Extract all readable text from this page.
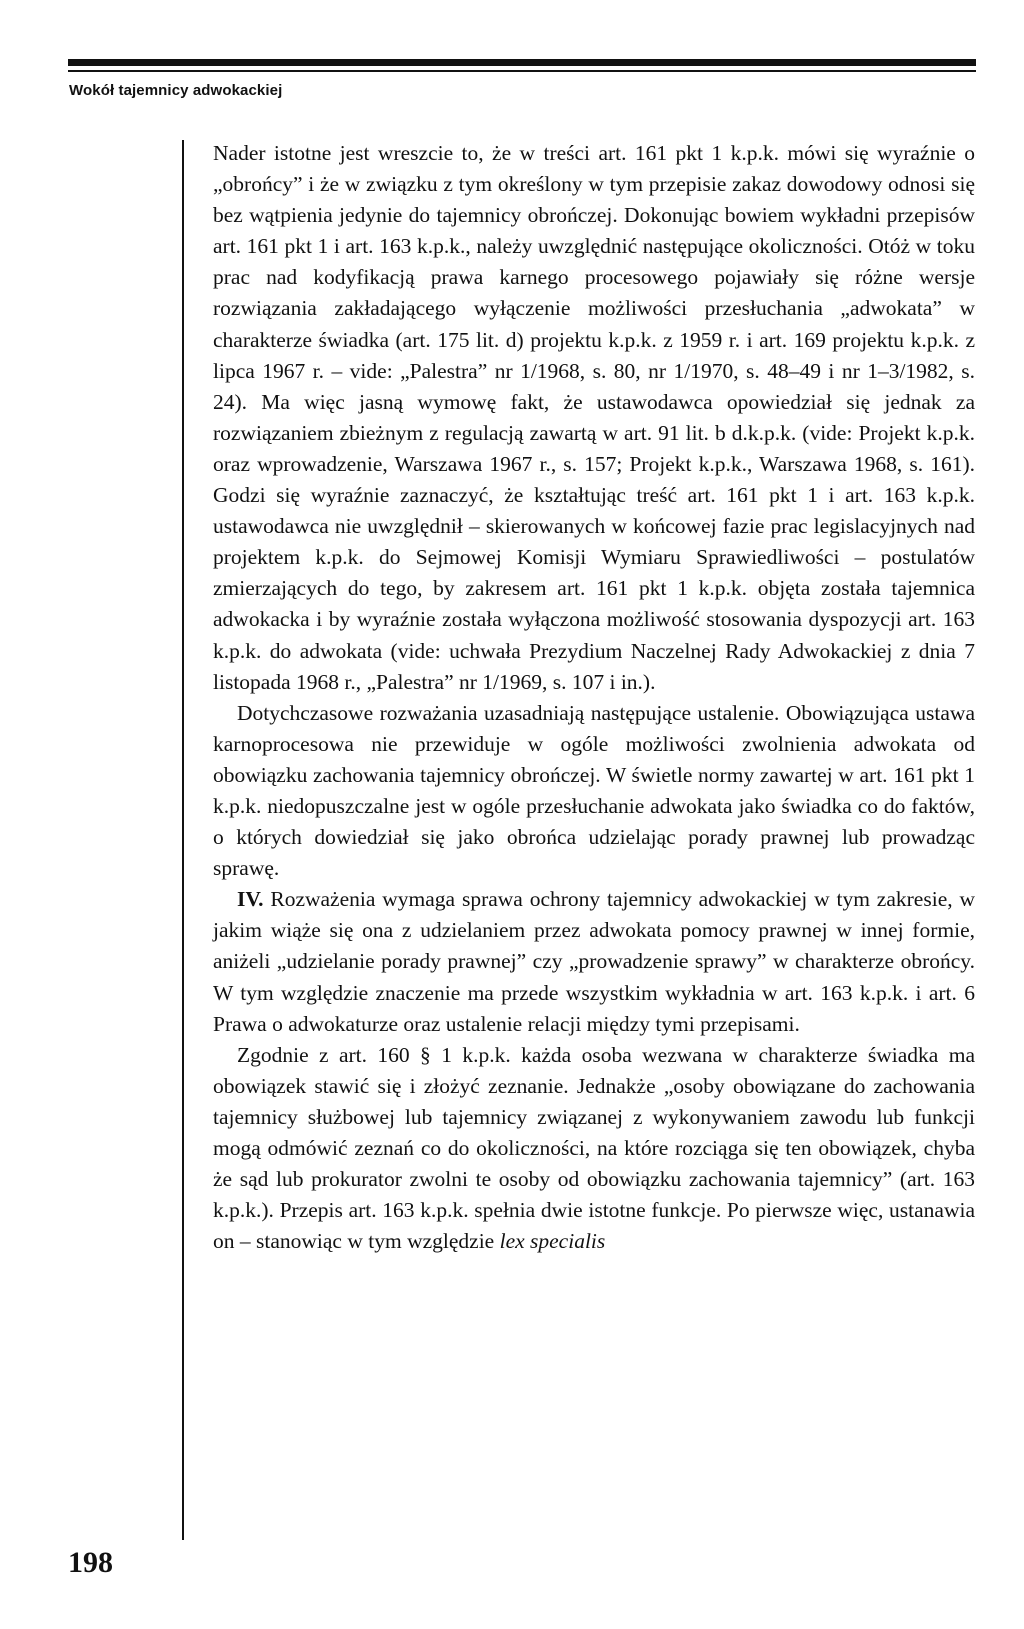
Wokół tajemnicy adwokackiej

Nader istotne jest wreszcie to, że w treści art. 161 pkt 1 k.p.k. mówi się wyraźnie o „obrońcy” i że w związku z tym określony w tym przepisie zakaz dowodowy odnosi się bez wątpienia jedynie do tajemnicy obrończej. Dokonując bowiem wykładni przepisów art. 161 pkt 1 i art. 163 k.p.k., należy uwzględnić następujące okoliczności. Otóż w toku prac nad kodyfikacją prawa karnego procesowego pojawiały się różne wersje rozwiązania zakładającego wyłączenie możliwości przesłuchania „adwokata” w charakterze świadka (art. 175 lit. d) projektu k.p.k. z 1959 r. i art. 169 projektu k.p.k. z lipca 1967 r. – vide: „Palestra” nr 1/1968, s. 80, nr 1/1970, s. 48–49 i nr 1–3/1982, s. 24). Ma więc jasną wymowę fakt, że ustawodawca opowiedział się jednak za rozwiązaniem zbieżnym z regulacją zawartą w art. 91 lit. b d.k.p.k. (vide: Projekt k.p.k. oraz wprowadzenie, Warszawa 1967 r., s. 157; Projekt k.p.k., Warszawa 1968, s. 161). Godzi się wyraźnie zaznaczyć, że kształtując treść art. 161 pkt 1 i art. 163 k.p.k. ustawodawca nie uwzględnił – skierowanych w końcowej fazie prac legislacyjnych nad projektem k.p.k. do Sejmowej Komisji Wymiaru Sprawiedliwości – postulatów zmierzających do tego, by zakresem art. 161 pkt 1 k.p.k. objęta została tajemnica adwokacka i by wyraźnie została wyłączona możliwość stosowania dyspozycji art. 163 k.p.k. do adwokata (vide: uchwała Prezydium Naczelnej Rady Adwokackiej z dnia 7 listopada 1968 r., „Palestra” nr 1/1969, s. 107 i in.).

Dotychczasowe rozważania uzasadniają następujące ustalenie. Obowiązująca ustawa karnoprocesowa nie przewiduje w ogóle możliwości zwolnienia adwokata od obowiązku zachowania tajemnicy obrończej. W świetle normy zawartej w art. 161 pkt 1 k.p.k. niedopuszczalne jest w ogóle przesłuchanie adwokata jako świadka co do faktów, o których dowiedział się jako obrońca udzielając porady prawnej lub prowadząc sprawę.

IV. Rozważenia wymaga sprawa ochrony tajemnicy adwokackiej w tym zakresie, w jakim wiąże się ona z udzielaniem przez adwokata pomocy prawnej w innej formie, aniżeli „udzielanie porady prawnej” czy „prowadzenie sprawy” w charakterze obrońcy. W tym względzie znaczenie ma przede wszystkim wykładnia w art. 163 k.p.k. i art. 6 Prawa o adwokaturze oraz ustalenie relacji między tymi przepisami.

Zgodnie z art. 160 § 1 k.p.k. każda osoba wezwana w charakterze świadka ma obowiązek stawić się i złożyć zeznanie. Jednakże „osoby obowiązane do zachowania tajemnicy służbowej lub tajemnicy związanej z wykonywaniem zawodu lub funkcji mogą odmówić zeznań co do okoliczności, na które rozciąga się ten obowiązek, chyba że sąd lub prokurator zwolni te osoby od obowiązku zachowania tajemnicy” (art. 163 k.p.k.). Przepis art. 163 k.p.k. spełnia dwie istotne funkcje. Po pierwsze więc, ustanawia on – stanowiąc w tym względzie lex specialis

198
